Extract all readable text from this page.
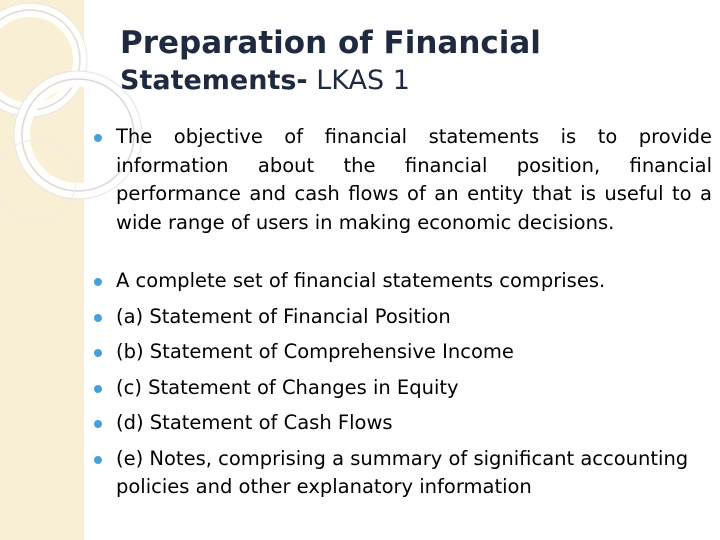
Preparation of Financial
Statements- LKAS 1
The objective of financial statements is to provide information about the financial position, financial performance and cash flows of an entity that is useful to a wide range of users in making economic decisions.
A complete set of financial statements comprises.
(a) Statement of Financial Position
(b) Statement of Comprehensive Income
(c) Statement of Changes in Equity
(d) Statement of Cash Flows
(e) Notes, comprising a summary of significant accounting policies and other explanatory information
